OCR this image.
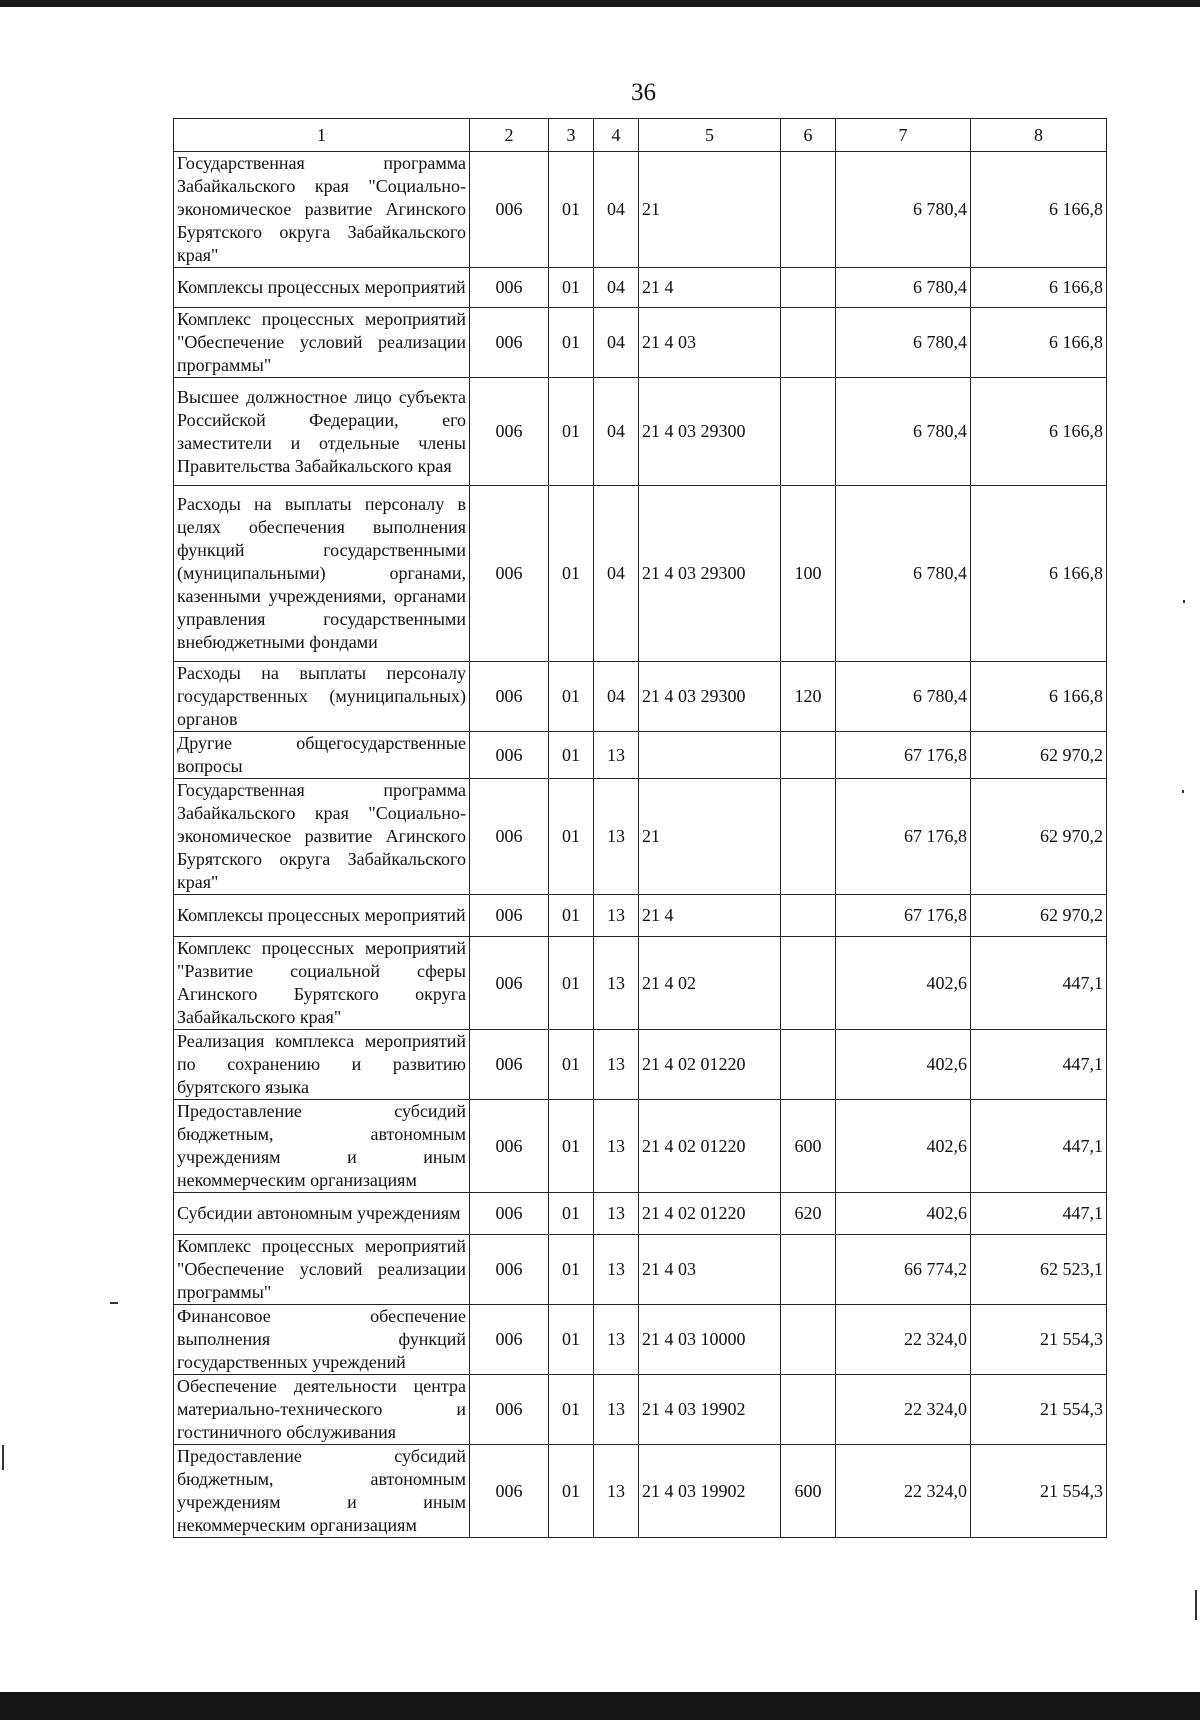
36
1	2	3	4	5	6	7	8
Государственная программа Забайкальского края "Социально-экономическое развитие Агинского Бурятского округа Забайкальского края"	006	01	04	21		6 780,4	6 166,8
Комплексы процессных мероприятий	006	01	04	21 4		6 780,4	6 166,8
Комплекс процессных мероприятий "Обеспечение условий реализации программы"	006	01	04	21 4 03		6 780,4	6 166,8
Высшее должностное лицо субъекта Российской Федерации, его заместители и отдельные члены Правительства Забайкальского края	006	01	04	21 4 03 29300		6 780,4	6 166,8
Расходы на выплаты персоналу в целях обеспечения выполнения функций государственными (муниципальными) органами, казенными учреждениями, органами управления государственными внебюджетными фондами	006	01	04	21 4 03 29300	100	6 780,4	6 166,8
Расходы на выплаты персоналу государственных (муниципальных) органов	006	01	04	21 4 03 29300	120	6 780,4	6 166,8
Другие общегосударственные вопросы	006	01	13			67 176,8	62 970,2
Государственная программа Забайкальского края "Социально-экономическое развитие Агинского Бурятского округа Забайкальского края"	006	01	13	21		67 176,8	62 970,2
Комплексы процессных мероприятий	006	01	13	21 4		67 176,8	62 970,2
Комплекс процессных мероприятий "Развитие социальной сферы Агинского Бурятского округа Забайкальского края"	006	01	13	21 4 02		402,6	447,1
Реализация комплекса мероприятий по сохранению и развитию бурятского языка	006	01	13	21 4 02 01220		402,6	447,1
Предоставление субсидий бюджетным, автономным учреждениям и иным некоммерческим организациям	006	01	13	21 4 02 01220	600	402,6	447,1
Субсидии автономным учреждениям	006	01	13	21 4 02 01220	620	402,6	447,1
Комплекс процессных мероприятий "Обеспечение условий реализации программы"	006	01	13	21 4 03		66 774,2	62 523,1
Финансовое обеспечение выполнения функций государственных учреждений	006	01	13	21 4 03 10000		22 324,0	21 554,3
Обеспечение деятельности центра материально-технического и гостиничного обслуживания	006	01	13	21 4 03 19902		22 324,0	21 554,3
Предоставление субсидий бюджетным, автономным учреждениям и иным некоммерческим организациям	006	01	13	21 4 03 19902	600	22 324,0	21 554,3
